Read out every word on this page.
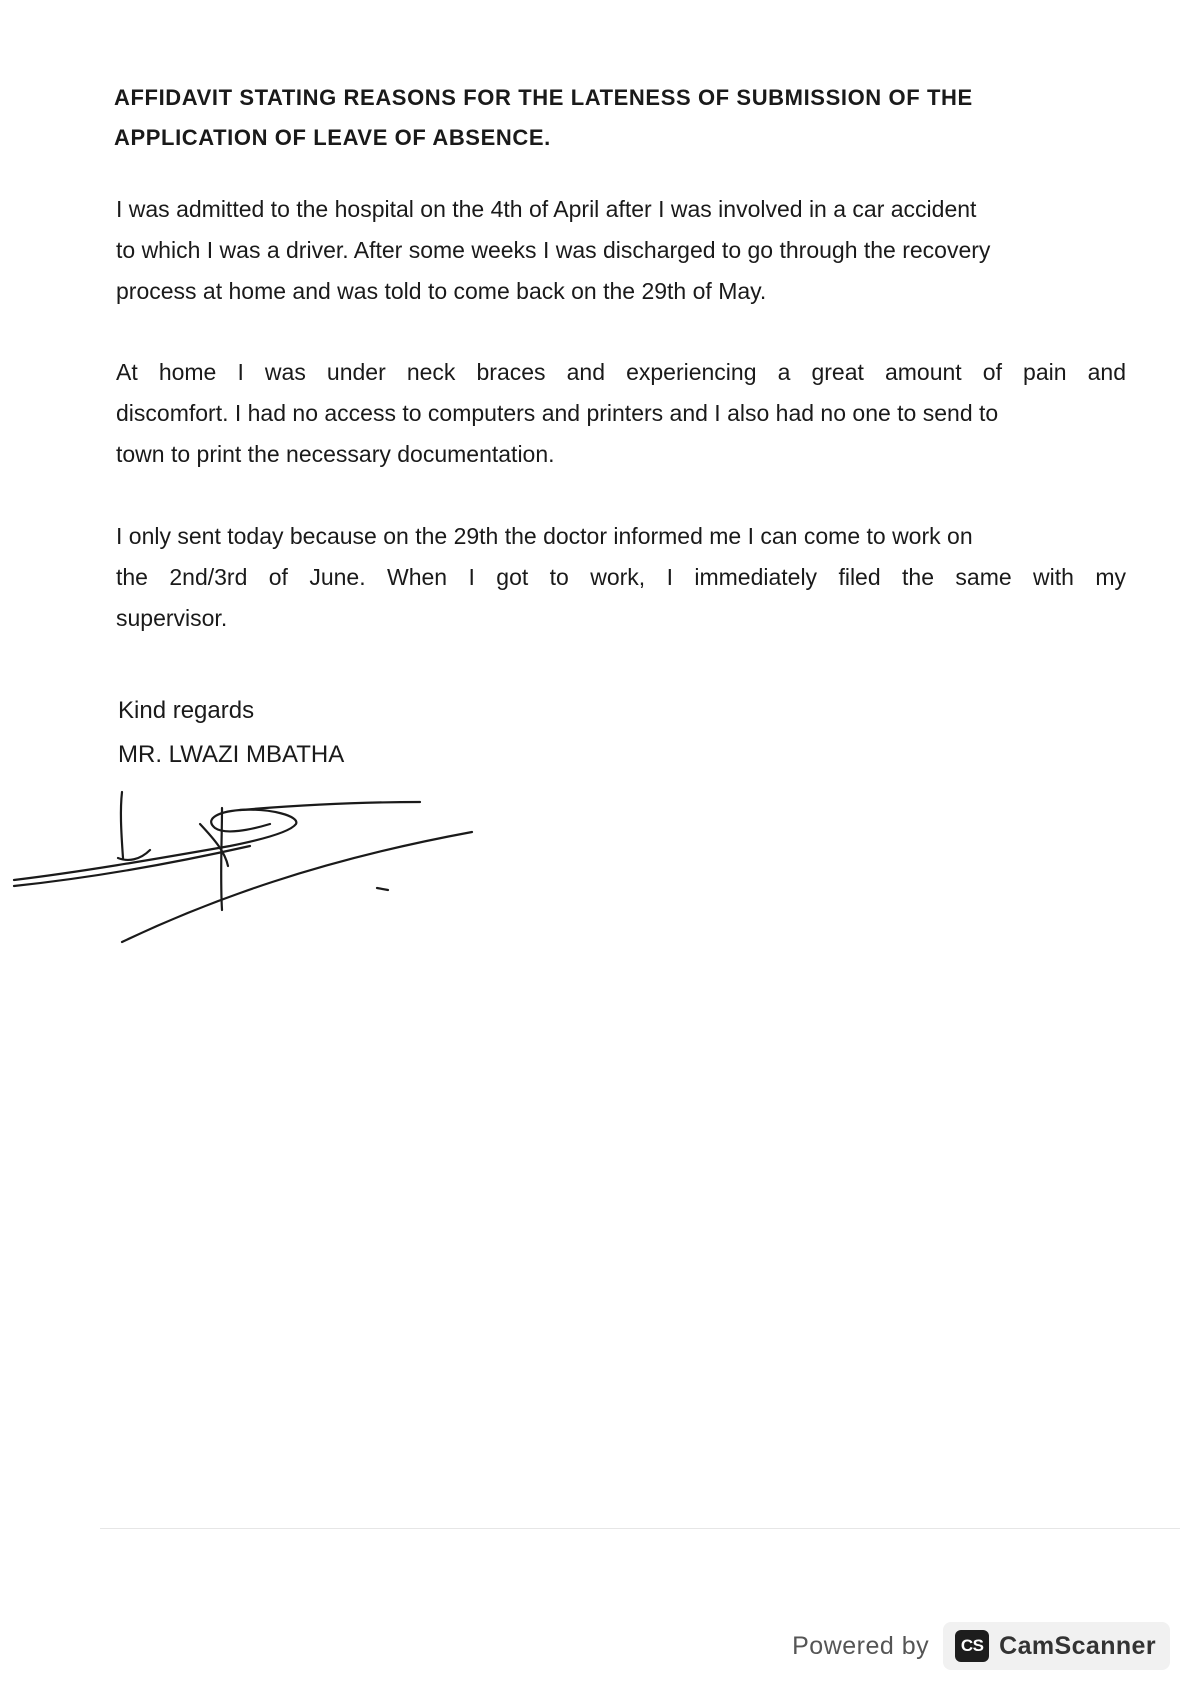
AFFIDAVIT STATING REASONS FOR THE LATENESS OF SUBMISSION OF THE
APPLICATION OF LEAVE OF ABSENCE.
I was admitted to the hospital on the 4th of April after I was involved in a car accident
to which I was a driver. After some weeks I was discharged to go through the recovery
process at home and was told to come back on the 29th of May.
At home I was under neck braces and experiencing a great amount of pain and
discomfort. I had no access to computers and printers and I also had no one to send to
town to print the necessary documentation.
I only sent today because on the 29th the doctor informed me I can come to work on
the 2nd/3rd of June. When I got to work, I immediately filed the same with my
supervisor.
Kind regards
MR. LWAZI MBATHA
Powered by	CS CamScanner
